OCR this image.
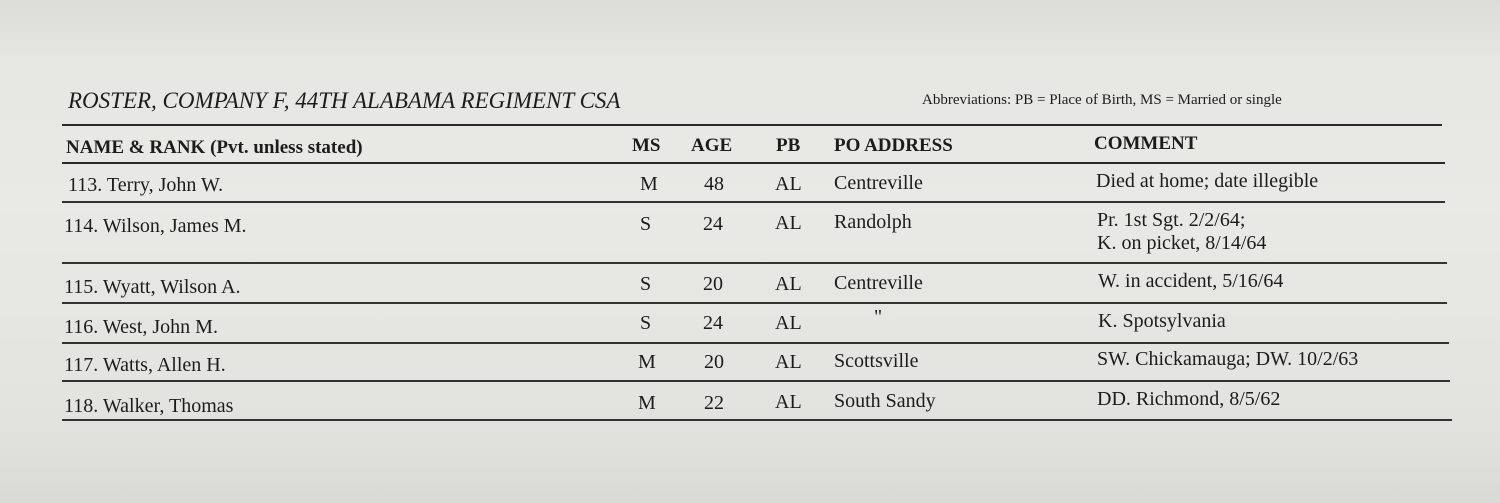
ROSTER, COMPANY F, 44TH ALABAMA REGIMENT CSA	Abbreviations: PB = Place of Birth, MS = Married or single
NAME & RANK (Pvt. unless stated)	MS AGE PB PO ADDRESS	COMMENT
113. Terry, John W.	M 48	AL Centreville	Died at home; date illegible
114. Wilson, James M.	S	24	AL Randolph	Pr. 1st Sgt. 2/2/64;
K. on picket, 8/14/64
115. Wyatt, Wilson A.	S	20	AL Centreville	W. in accident, 5/16/64
116. West, John M.	S	24	AL	"	K. Spotsylvania
117. Watts, Allen H.	M 20	AL Scottsville	SW. Chickamauga; DW. 10/2/63
118. Walker, Thomas	M 22	AL South Sandy	DD. Richmond, 8/5/62
